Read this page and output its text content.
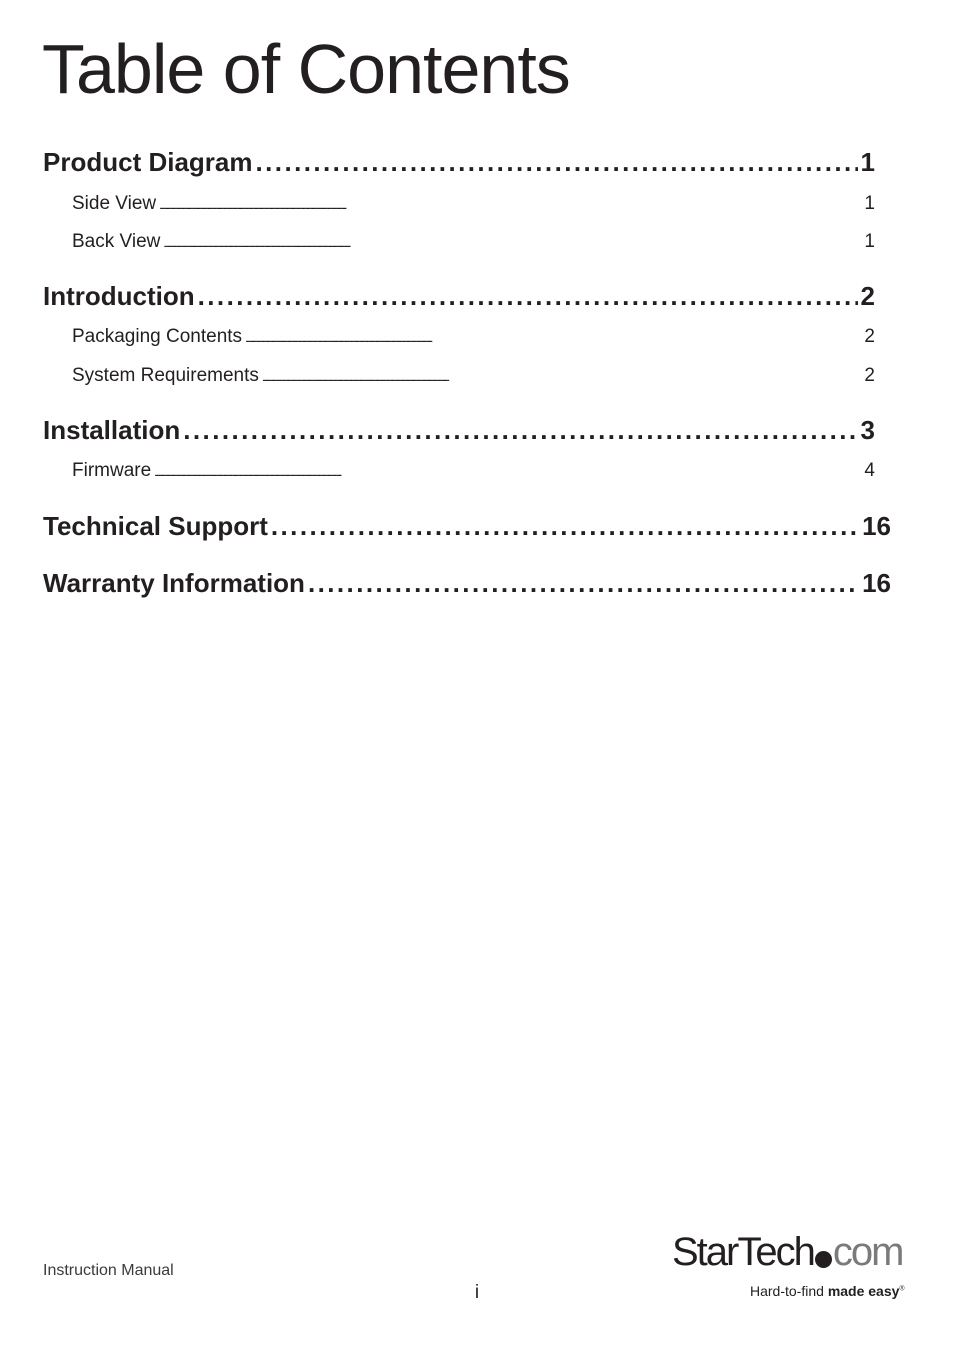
Table of Contents
Product Diagram . . .	1
Side View . . .	1
Back View . . .	1
Introduction . . .	2
Packaging Contents . . .	2
System Requirements . . .	2
Installation . . .	3
Firmware . . .	4
Technical Support . . .	16
Warranty Information . . .	16
Instruction Manual
i
StarTech com
Hard-to-find made easy®
